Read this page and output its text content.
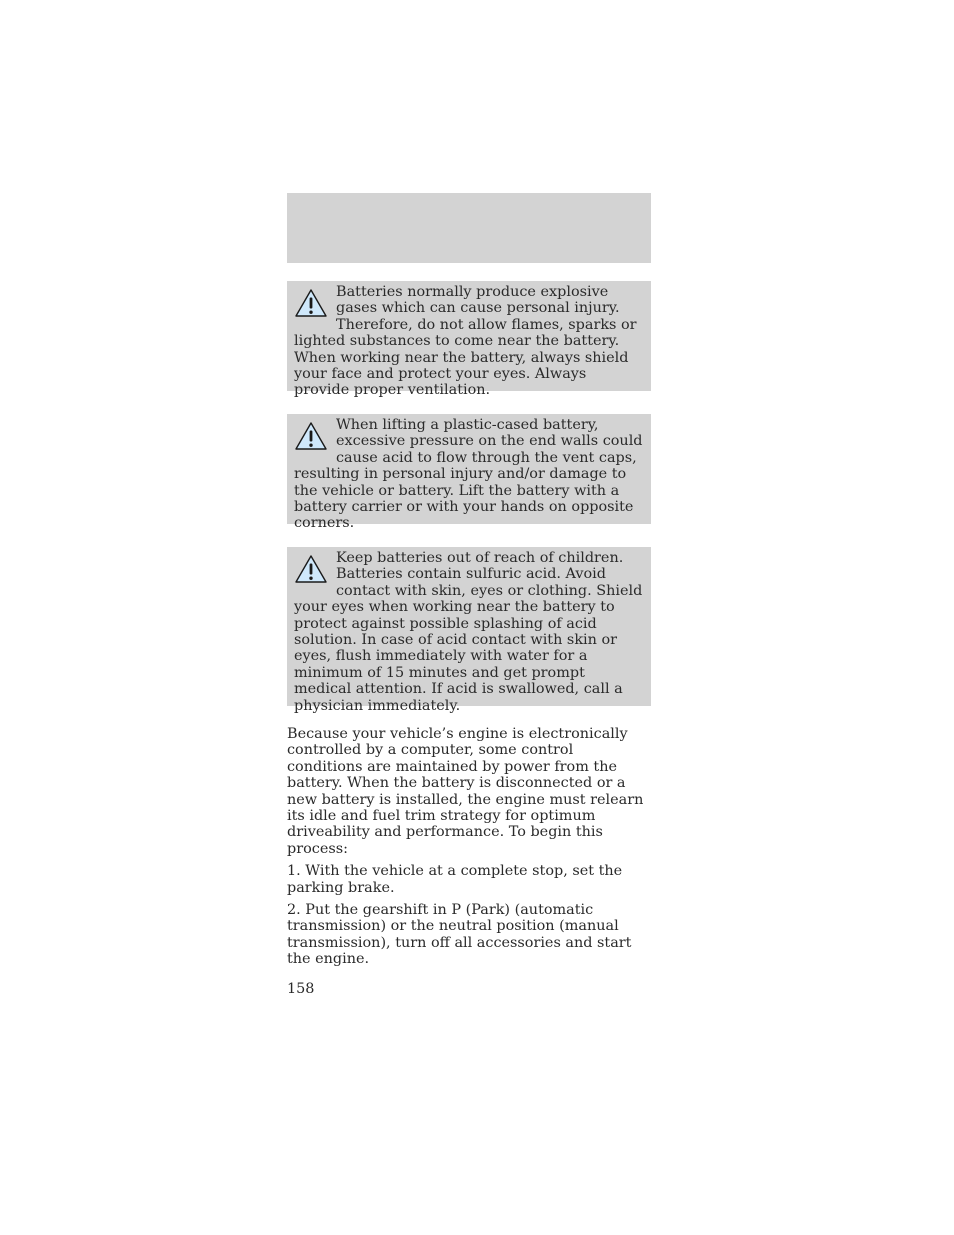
Batteries normally produce explosive gases which can cause personal injury. Therefore, do not allow flames, sparks or lighted substances to come near the battery. When working near the battery, always shield your face and protect your eyes. Always provide proper ventilation.

When lifting a plastic-cased battery, excessive pressure on the end walls could cause acid to flow through the vent caps, resulting in personal injury and/or damage to the vehicle or battery. Lift the battery with a battery carrier or with your hands on opposite corners.

Keep batteries out of reach of children. Batteries contain sulfuric acid. Avoid contact with skin, eyes or clothing. Shield your eyes when working near the battery to protect against possible splashing of acid solution. In case of acid contact with skin or eyes, flush immediately with water for a minimum of 15 minutes and get prompt medical attention. If acid is swallowed, call a physician immediately.

Because your vehicle’s engine is electronically controlled by a computer, some control conditions are maintained by power from the battery. When the battery is disconnected or a new battery is installed, the engine must relearn its idle and fuel trim strategy for optimum driveability and performance. To begin this process:

1. With the vehicle at a complete stop, set the parking brake.

2. Put the gearshift in P (Park) (automatic transmission) or the neutral position (manual transmission), turn off all accessories and start the engine.

158
